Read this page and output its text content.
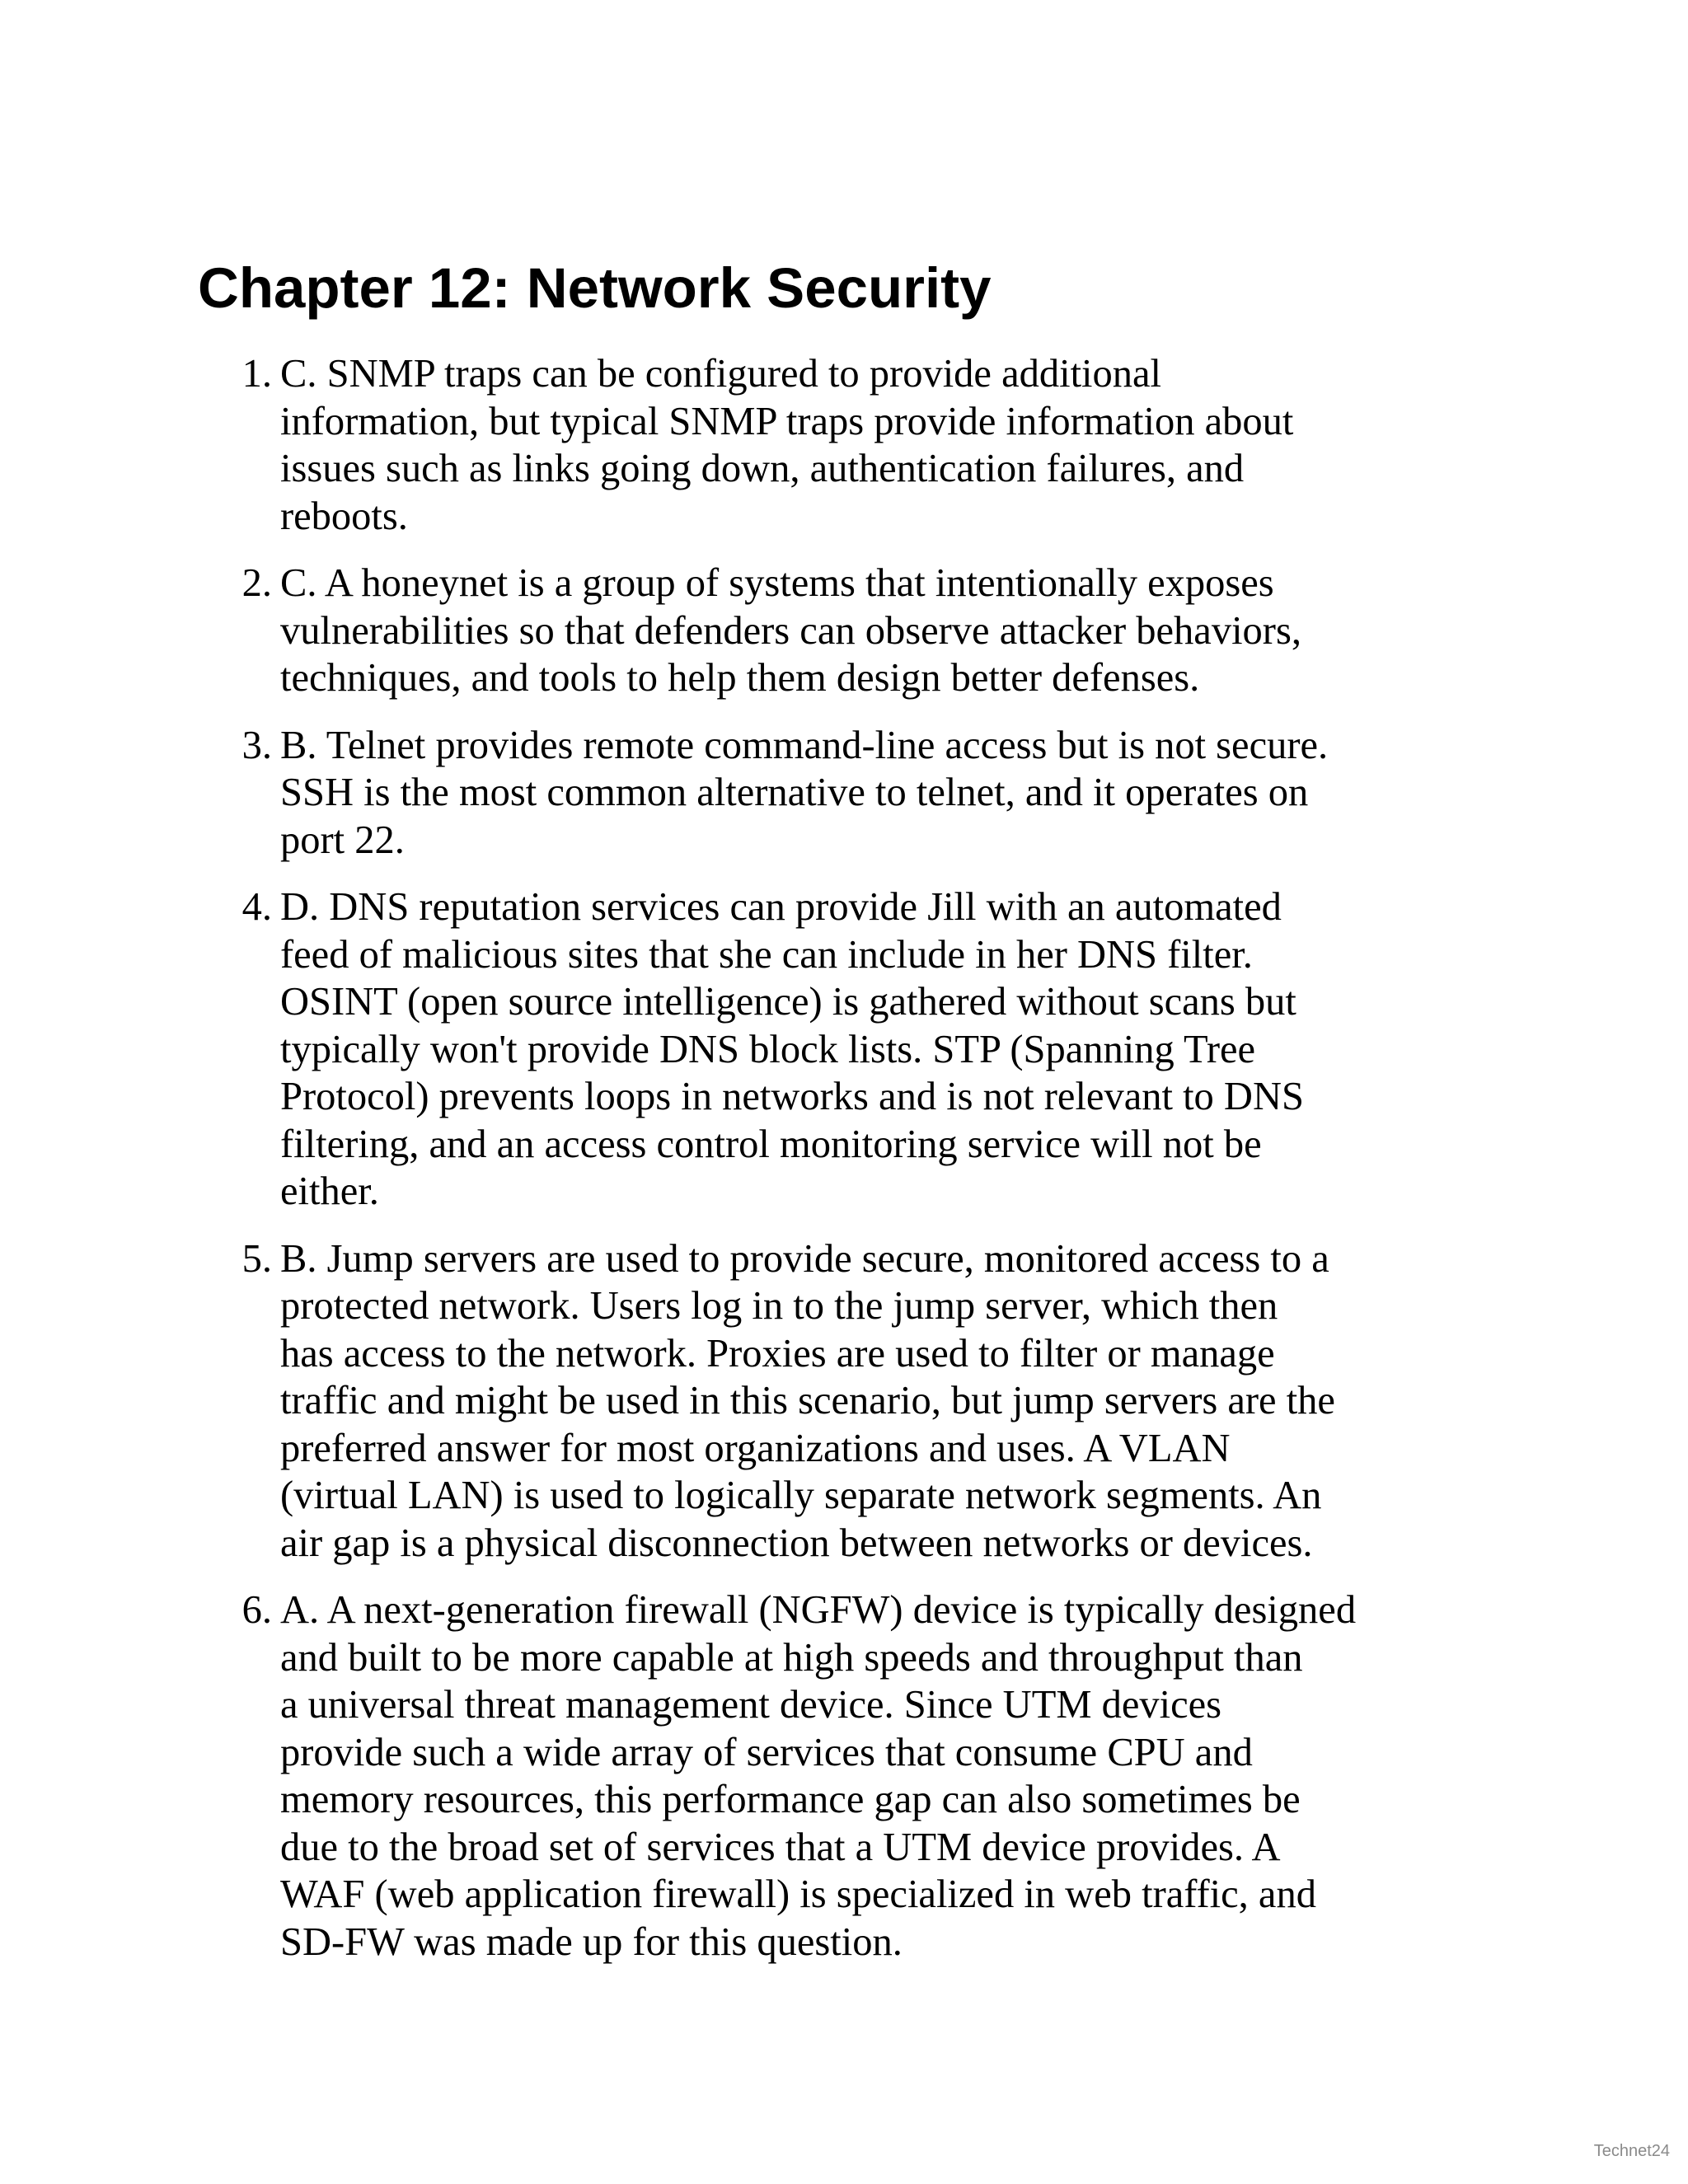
Chapter 12: Network Security
1. C. SNMP traps can be configured to provide additional
information, but typical SNMP traps provide information about
issues such as links going down, authentication failures, and
reboots.
2. C. A honeynet is a group of systems that intentionally exposes
vulnerabilities so that defenders can observe attacker behaviors,
techniques, and tools to help them design better defenses.
3. B. Telnet provides remote command-line access but is not secure.
SSH is the most common alternative to telnet, and it operates on
port 22.
4. D. DNS reputation services can provide Jill with an automated
feed of malicious sites that she can include in her DNS filter.
OSINT (open source intelligence) is gathered without scans but
typically won't provide DNS block lists. STP (Spanning Tree
Protocol) prevents loops in networks and is not relevant to DNS
filtering, and an access control monitoring service will not be
either.
5. B. Jump servers are used to provide secure, monitored access to a
protected network. Users log in to the jump server, which then
has access to the network. Proxies are used to filter or manage
traffic and might be used in this scenario, but jump servers are the
preferred answer for most organizations and uses. A VLAN
(virtual LAN) is used to logically separate network segments. An
air gap is a physical disconnection between networks or devices.
6. A. A next-generation firewall (NGFW) device is typically designed
and built to be more capable at high speeds and throughput than
a universal threat management device. Since UTM devices
provide such a wide array of services that consume CPU and
memory resources, this performance gap can also sometimes be
due to the broad set of services that a UTM device provides. A
WAF (web application firewall) is specialized in web traffic, and
SD-FW was made up for this question.
Technet24
